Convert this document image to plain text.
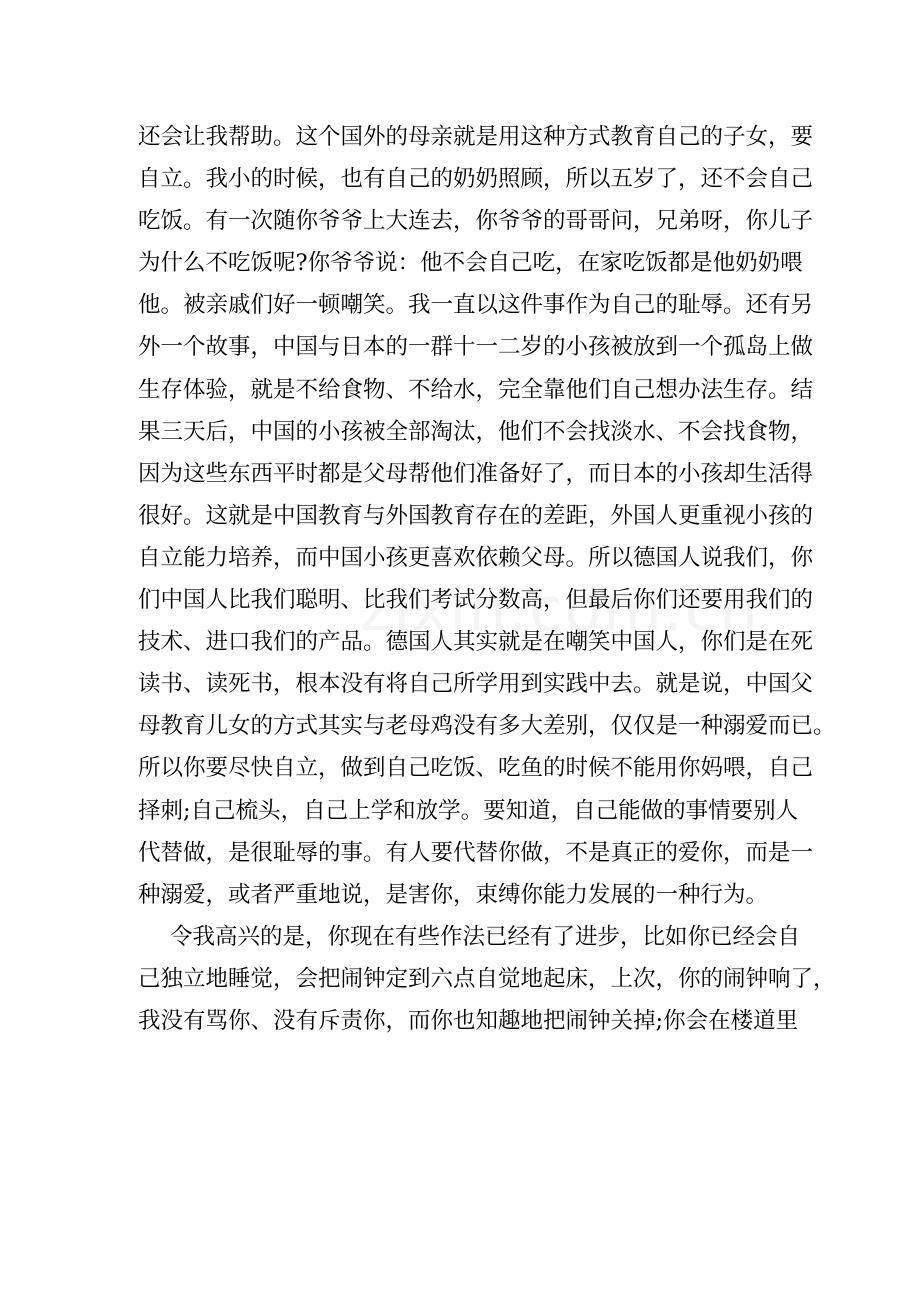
还会让我帮助。这个国外的母亲就是用这种方式教育自己的子女，要
自立。我小的时候，也有自己的奶奶照顾，所以五岁了，还不会自己
吃饭。有一次随你爷爷上大连去，你爷爷的哥哥问，兄弟呀，你儿子
为什么不吃饭呢?你爷爷说：他不会自己吃，在家吃饭都是他奶奶喂
他。被亲戚们好一顿嘲笑。我一直以这件事作为自己的耻辱。还有另
外一个故事，中国与日本的一群十一二岁的小孩被放到一个孤岛上做
生存体验，就是不给食物、不给水，完全靠他们自己想办法生存。结
果三天后，中国的小孩被全部淘汰，他们不会找淡水、不会找食物，
因为这些东西平时都是父母帮他们准备好了，而日本的小孩却生活得
很好。这就是中国教育与外国教育存在的差距，外国人更重视小孩的
自立能力培养，而中国小孩更喜欢依赖父母。所以德国人说我们，你
们中国人比我们聪明、比我们考试分数高，但最后你们还要用我们的
技术、进口我们的产品。德国人其实就是在嘲笑中国人，你们是在死
读书、读死书，根本没有将自己所学用到实践中去。就是说，中国父
母教育儿女的方式其实与老母鸡没有多大差别，仅仅是一种溺爱而已。
所以你要尽快自立，做到自己吃饭、吃鱼的时候不能用你妈喂，自己
择刺;自己梳头，自己上学和放学。要知道，自己能做的事情要别人
代替做，是很耻辱的事。有人要代替你做，不是真正的爱你，而是一
种溺爱，或者严重地说，是害你，束缚你能力发展的一种行为。
令我高兴的是，你现在有些作法已经有了进步，比如你已经会自
己独立地睡觉，会把闹钟定到六点自觉地起床，上次，你的闹钟响了，
我没有骂你、没有斥责你，而你也知趣地把闹钟关掉;你会在楼道里
